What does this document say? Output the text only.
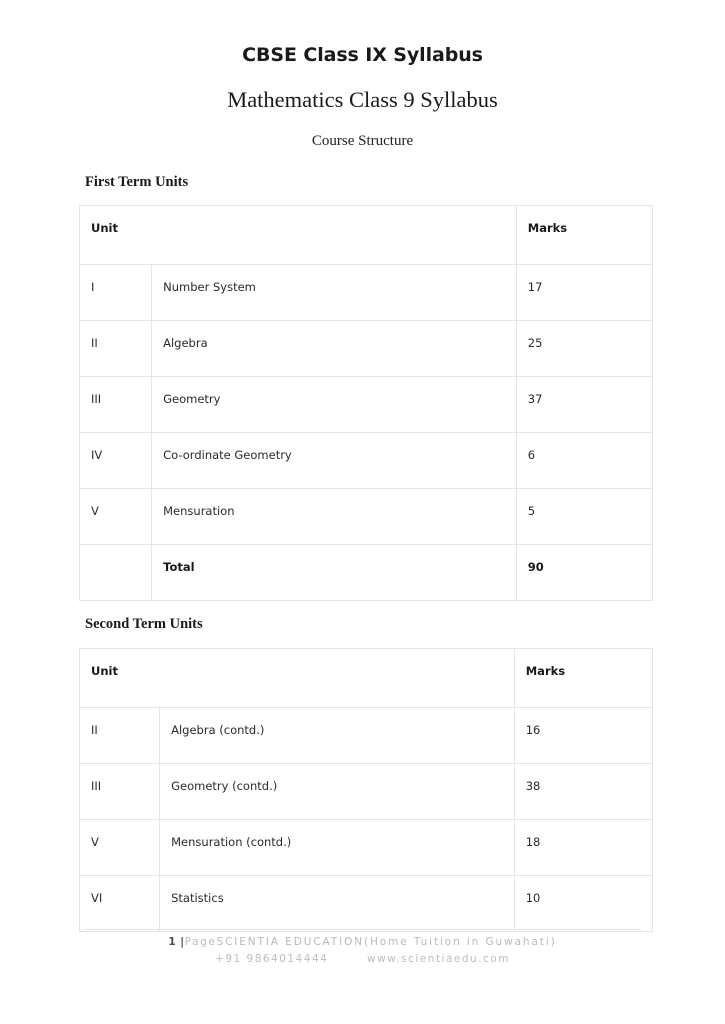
CBSE Class IX Syllabus
Mathematics Class 9 Syllabus
Course Structure
First Term Units
Unit		Marks
I	Number System	17
II	Algebra	25
III	Geometry	37
IV	Co-ordinate Geometry	6
V	Mensuration	5
	Total	90
Second Term Units
Unit		Marks
II	Algebra (contd.)	16
III	Geometry (contd.)	38
V	Mensuration (contd.)	18
VI	Statistics	10
1 |PageSCIENTIA EDUCATION(Home Tuition in Guwahati)
+91 9864014444	www.scientiaedu.com
